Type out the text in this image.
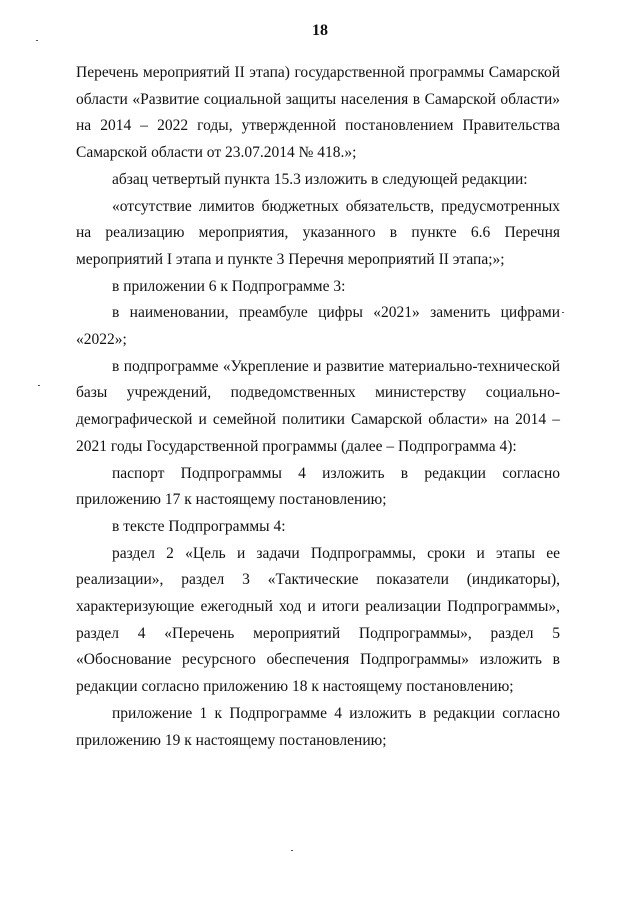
18

Перечень мероприятий II этапа) государственной программы Самарской области «Развитие социальной защиты населения в Самарской области» на 2014 – 2022 годы, утвержденной постановлением Правительства Самарской области от 23.07.2014 № 418.»;

абзац четвертый пункта 15.3 изложить в следующей редакции:

«отсутствие лимитов бюджетных обязательств, предусмотренных на реализацию мероприятия, указанного в пункте 6.6 Перечня мероприятий I этапа и пункте 3 Перечня мероприятий II этапа;»;

в приложении 6 к Подпрограмме 3:

в наименовании, преамбуле цифры «2021» заменить цифрами «2022»;

в подпрограмме «Укрепление и развитие материально-технической базы учреждений, подведомственных министерству социально-демографической и семейной политики Самарской области» на 2014 – 2021 годы Государственной программы (далее – Подпрограмма 4):

паспорт Подпрограммы 4 изложить в редакции согласно приложению 17 к настоящему постановлению;

в тексте Подпрограммы 4:

раздел 2 «Цель и задачи Подпрограммы, сроки и этапы ее реализации», раздел 3 «Тактические показатели (индикаторы), характеризующие ежегодный ход и итоги реализации Подпрограммы», раздел 4 «Перечень мероприятий Подпрограммы», раздел 5 «Обоснование ресурсного обеспечения Подпрограммы» изложить в редакции согласно приложению 18 к настоящему постановлению;

приложение 1 к Подпрограмме 4 изложить в редакции согласно приложению 19 к настоящему постановлению;
